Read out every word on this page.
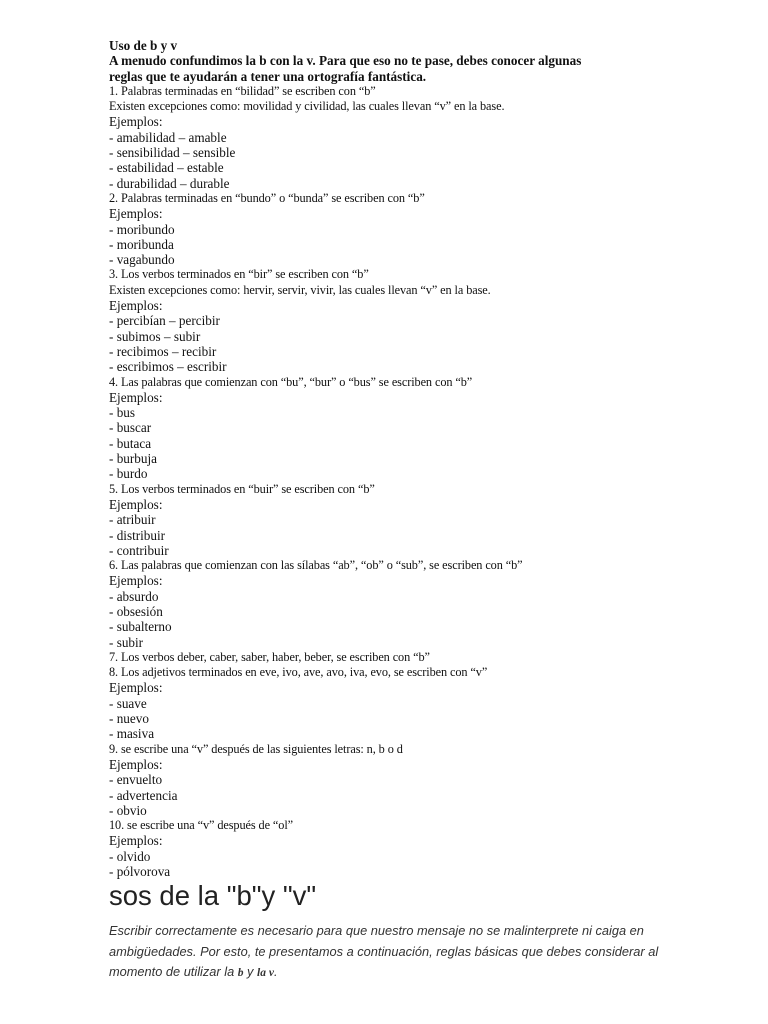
Uso de b y v
A menudo confundimos la b con la v. Para que eso no te pase, debes conocer algunas
reglas que te ayudarán a tener una ortografía fantástica.
1. Palabras terminadas en “bilidad” se escriben con “b”
Existen excepciones como: movilidad y civilidad, las cuales llevan “v” en la base.
Ejemplos:
- amabilidad – amable
- sensibilidad – sensible
- estabilidad – estable
- durabilidad – durable
2. Palabras terminadas en “bundo” o “bunda” se escriben con “b”
Ejemplos:
- moribundo
- moribunda
- vagabundo
3. Los verbos terminados en “bir” se escriben con “b”
Existen excepciones como: hervir, servir, vivir, las cuales llevan “v” en la base.
Ejemplos:
- percibían – percibir
- subimos – subir
- recibimos – recibir
- escribimos – escribir
4. Las palabras que comienzan con “bu”, “bur” o “bus” se escriben con “b”
Ejemplos:
- bus
- buscar
- butaca
- burbuja
- burdo
5. Los verbos terminados en “buir” se escriben con “b”
Ejemplos:
- atribuir
- distribuir
- contribuir
6. Las palabras que comienzan con las sílabas “ab”, “ob” o “sub”, se escriben con “b”
Ejemplos:
- absurdo
- obsesión
- subalterno
- subir
7. Los verbos deber, caber, saber, haber, beber, se escriben con “b”
8. Los adjetivos terminados en eve, ivo, ave, avo, iva, evo, se escriben con “v”
Ejemplos:
- suave
- nuevo
- masiva
9. se escribe una “v” después de las siguientes letras: n, b o d
Ejemplos:
- envuelto
- advertencia
- obvio
10. se escribe una “v” después de “ol”
Ejemplos:
- olvido
- pólvorova
sos de la "b"y "v"

Escribir correctamente es necesario para que nuestro mensaje no se malinterprete ni caiga en ambigüedades. Por esto, te presentamos a continuación, reglas básicas que debes considerar al momento de utilizar la b y la v.
